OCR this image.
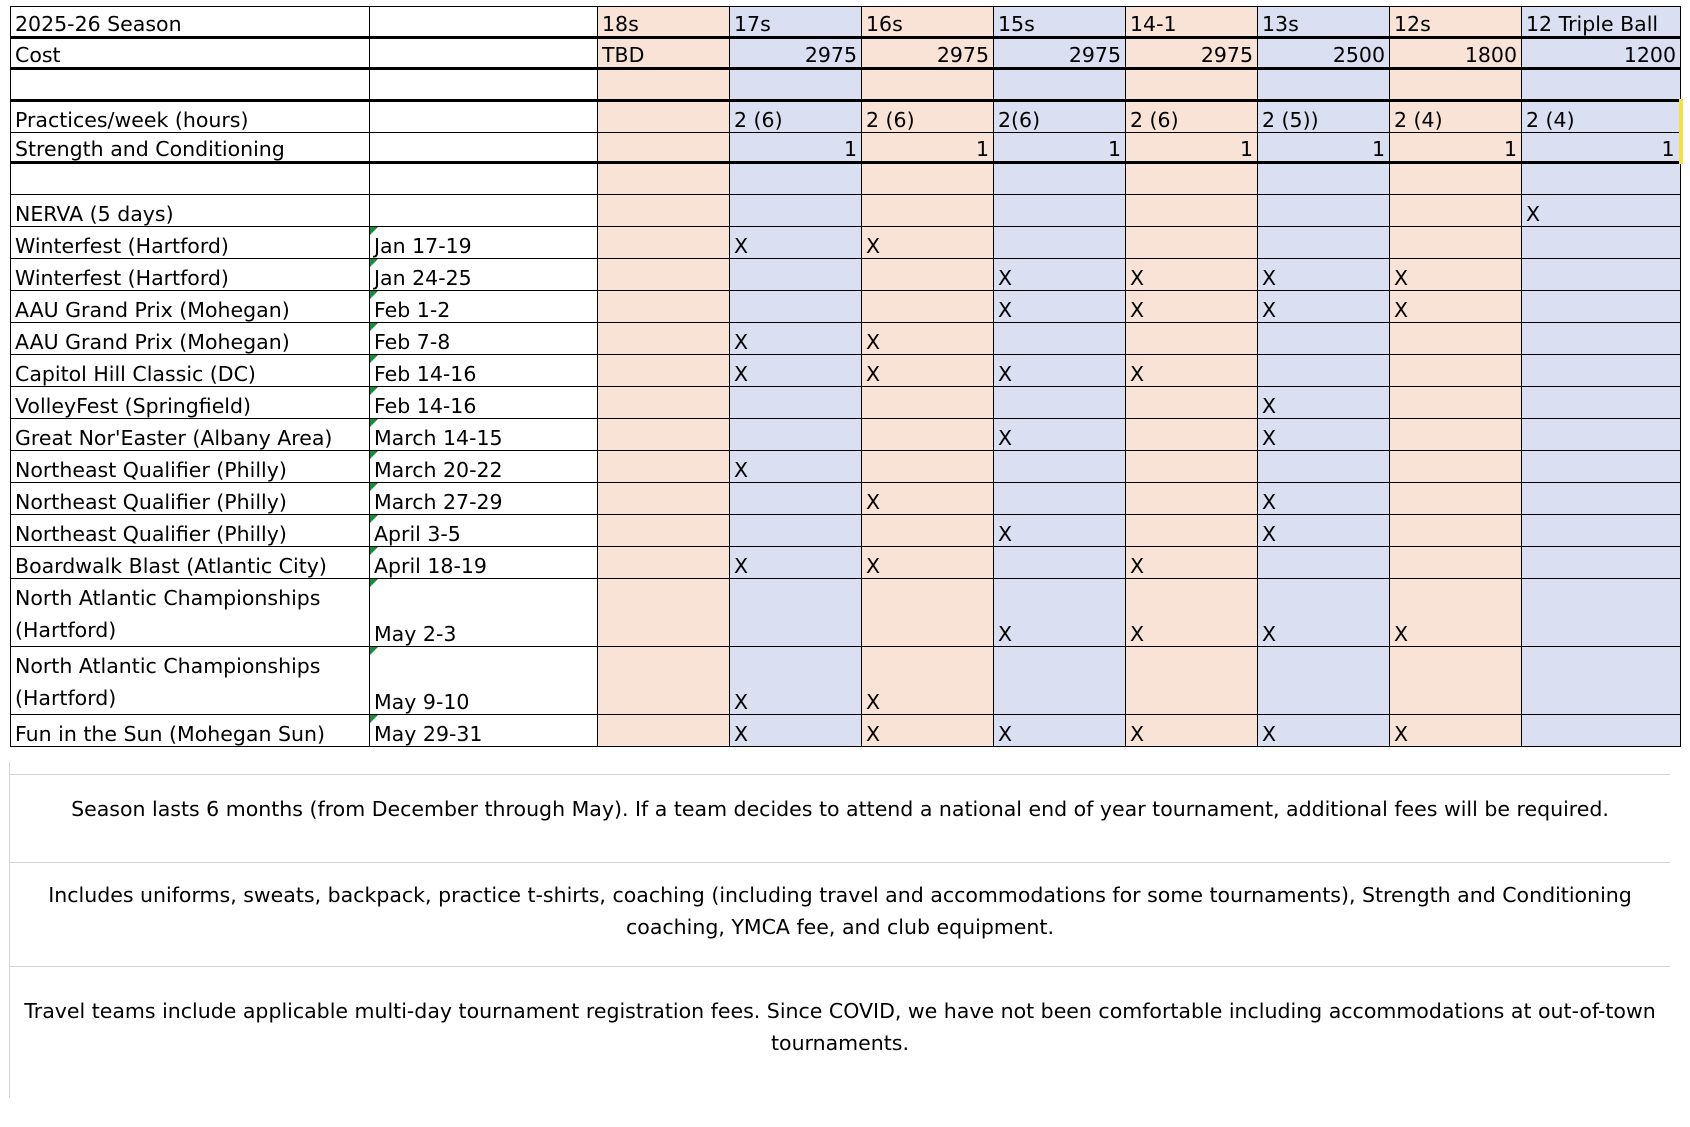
2025-26 Season		18s	17s	16s	15s	14-1	13s	12s	12 Triple Ball
Cost		TBD	2975	2975	2975	2975	2500	1800	1200

Practices/week (hours)			2 (6)	2 (6)	2(6)	2 (6)	2 (5))	2 (4)	2 (4)
Strength and Conditioning			1	1	1	1	1	1	1

NERVA (5 days)									X
Winterfest (Hartford)	Jan 17-19		X	X					
Winterfest (Hartford)	Jan 24-25				X	X	X	X	
AAU Grand Prix (Mohegan)	Feb 1-2				X	X	X	X	
AAU Grand Prix (Mohegan)	Feb 7-8		X	X					
Capitol Hill Classic (DC)	Feb 14-16		X	X	X	X			
VolleyFest (Springfield)	Feb 14-16						X		
Great Nor'Easter (Albany Area)	March 14-15				X		X		
Northeast Qualifier (Philly)	March 20-22		X						
Northeast Qualifier (Philly)	March 27-29			X			X		
Northeast Qualifier (Philly)	April 3-5				X		X		
Boardwalk Blast (Atlantic City)	April 18-19		X	X		X			
North Atlantic Championships (Hartford)	May 2-3				X	X	X	X	
North Atlantic Championships (Hartford)	May 9-10		X	X					
Fun in the Sun (Mohegan Sun)	May 29-31		X	X	X	X	X	X	
Season lasts 6 months (from December through May). If a team decides to attend a national end of year tournament, additional fees will be required.
Includes uniforms, sweats, backpack, practice t-shirts, coaching (including travel and accommodations for some tournaments), Strength and Conditioning coaching, YMCA fee, and club equipment.
Travel teams include applicable multi-day tournament registration fees. Since COVID, we have not been comfortable including accommodations at out-of-town tournaments.
